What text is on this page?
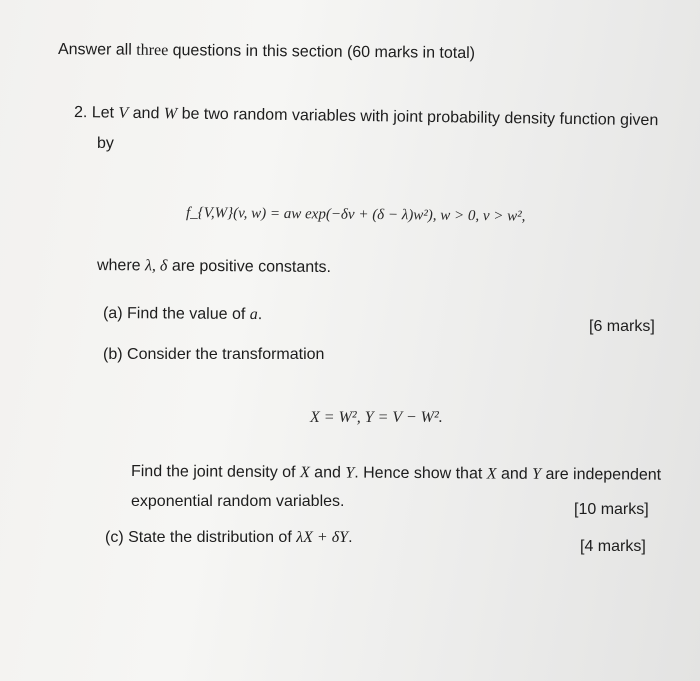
Answer all three questions in this section (60 marks in total)
2. Let V and W be two random variables with joint probability density function given
by
f_{V,W}(v, w) = aw exp(−δv + (δ − λ)w²), w > 0, v > w²,
where λ, δ are positive constants.
(a) Find the value of a.
[6 marks]
(b) Consider the transformation
X = W², Y = V − W².
Find the joint density of X and Y. Hence show that X and Y are independent
exponential random variables.	[10 marks]
(c) State the distribution of λX + δY.
[4 marks]
